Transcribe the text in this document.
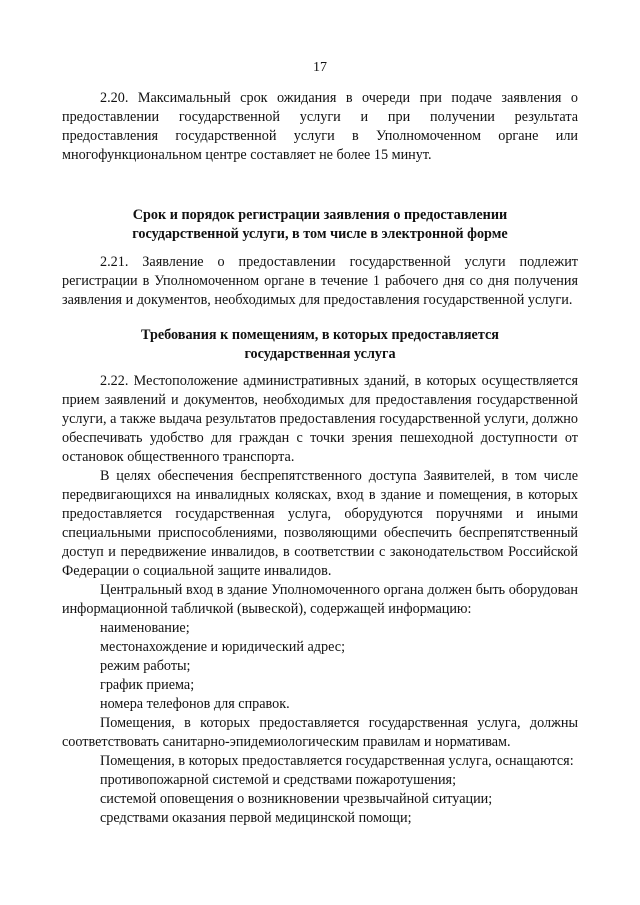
17

2.20. Максимальный срок ожидания в очереди при подаче заявления о предоставлении государственной услуги и при получении результата предоставления государственной услуги в Уполномоченном органе или многофункциональном центре составляет не более 15 минут.

Срок и порядок регистрации заявления о предоставлении
государственной услуги, в том числе в электронной форме

2.21. Заявление о предоставлении государственной услуги подлежит регистрации в Уполномоченном органе в течение 1 рабочего дня со дня получения заявления и документов, необходимых для предоставления государственной услуги.

Требования к помещениям, в которых предоставляется
государственная услуга

2.22. Местоположение административных зданий, в которых осуществляется прием заявлений и документов, необходимых для предоставления государственной услуги, а также выдача результатов предоставления государственной услуги, должно обеспечивать удобство для граждан с точки зрения пешеходной доступности от остановок общественного транспорта.

В целях обеспечения беспрепятственного доступа Заявителей, в том числе передвигающихся на инвалидных колясках, вход в здание и помещения, в которых предоставляется государственная услуга, оборудуются поручнями и иными специальными приспособлениями, позволяющими обеспечить беспрепятственный доступ и передвижение инвалидов, в соответствии с законодательством Российской Федерации о социальной защите инвалидов.

Центральный вход в здание Уполномоченного органа должен быть оборудован информационной табличкой (вывеской), содержащей информацию:

наименование;

местонахождение и юридический адрес;

режим работы;

график приема;

номера телефонов для справок.

Помещения, в которых предоставляется государственная услуга, должны соответствовать санитарно-эпидемиологическим правилам и нормативам.

Помещения, в которых предоставляется государственная услуга, оснащаются:

противопожарной системой и средствами пожаротушения;

системой оповещения о возникновении чрезвычайной ситуации;

средствами оказания первой медицинской помощи;
